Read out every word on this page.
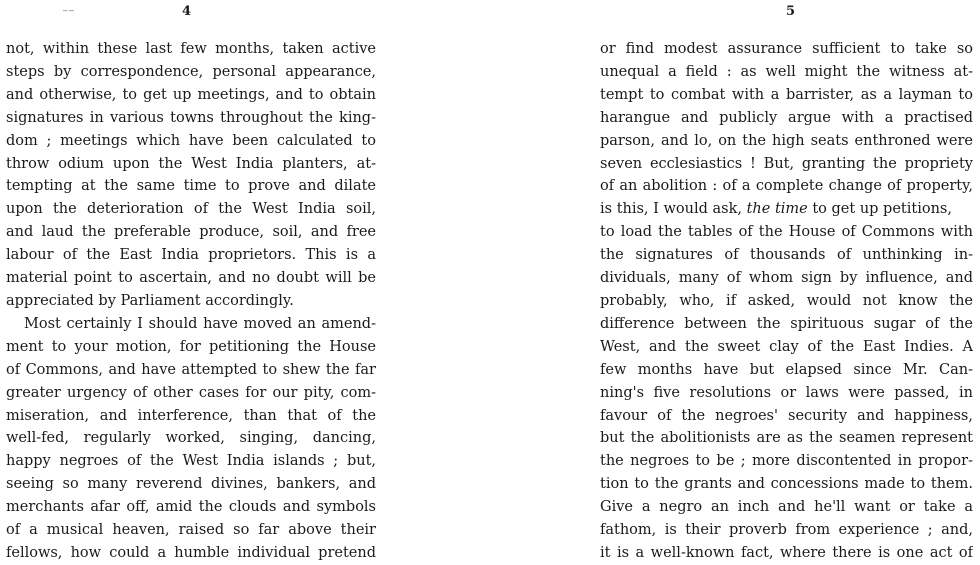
⁻⁻	4	5
not, within these last few months, taken active
steps by correspondence, personal appearance,
and otherwise, to get up meetings, and to obtain
signatures in various towns throughout the king-
dom ; meetings which have been calculated to
throw odium upon the West India planters, at-
tempting at the same time to prove and dilate
upon the deterioration of the West India soil,
and laud the preferable produce, soil, and free
labour of the East India proprietors. This is a
material point to ascertain, and no doubt will be
appreciated by Parliament accordingly.
Most certainly I should have moved an amend-
ment to your motion, for petitioning the House
of Commons, and have attempted to shew the far
greater urgency of other cases for our pity, com-
miseration, and interference, than that of the
well-fed, regularly worked, singing, dancing,
happy negroes of the West India islands ; but,
seeing so many reverend divines, bankers, and
merchants afar off, amid the clouds and symbols
of a musical heaven, raised so far above their
fellows, how could a humble individual pretend
or find modest assurance sufficient to take so
unequal a field : as well might the witness at-
tempt to combat with a barrister, as a layman to
harangue and publicly argue with a practised
parson, and lo, on the high seats enthroned were
seven ecclesiastics ! But, granting the propriety
of an abolition : of a complete change of property,
is this, I would ask, the time to get up petitions,
to load the tables of the House of Commons with
the signatures of thousands of unthinking in-
dividuals, many of whom sign by influence, and
probably, who, if asked, would not know the
difference between the spirituous sugar of the
West, and the sweet clay of the East Indies. A
few months have but elapsed since Mr. Can-
ning's five resolutions or laws were passed, in
favour of the negroes' security and happiness,
but the abolitionists are as the seamen represent
the negroes to be ; more discontented in propor-
tion to the grants and concessions made to them.
Give a negro an inch and he'll want or take a
fathom, is their proverb from experience ; and,
it is a well-known fact, where there is one act of
